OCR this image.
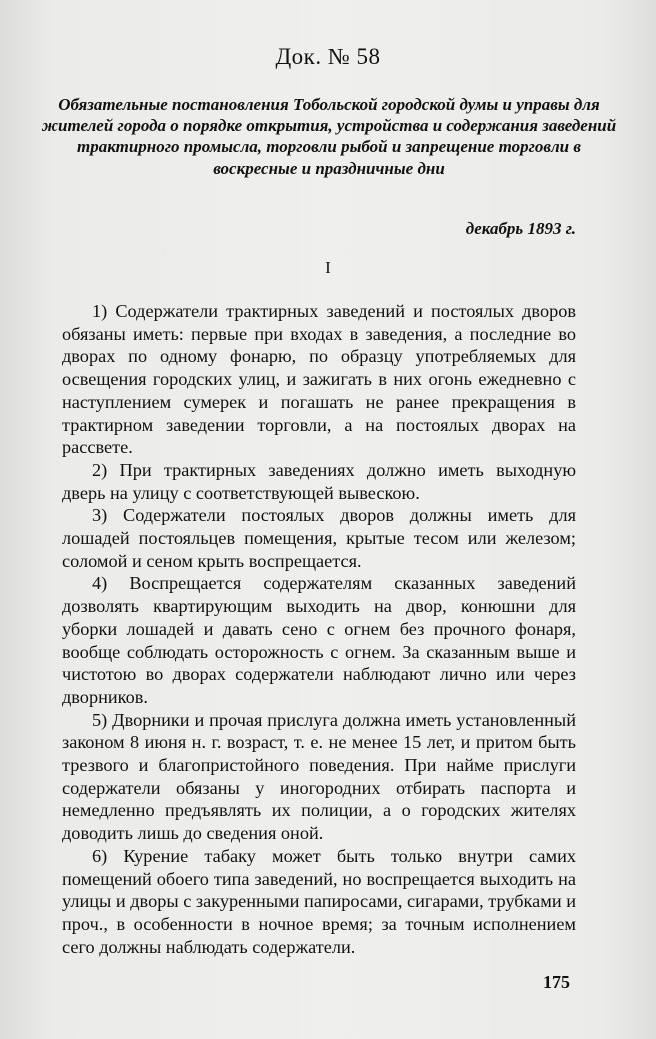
Док. № 58
Обязательные постановления Тобольской городской думы и управы для жителей города о порядке открытия, устройства и содержания заведений трактирного промысла, торговли рыбой и запрещение торговли в воскресные и праздничные дни
декабрь 1893 г.
I

1) Содержатели трактирных заведений и постоялых дворов обязаны иметь: первые при входах в заведения, а последние во дворах по одному фонарю, по образцу употребляемых для освещения городских улиц, и зажигать в них огонь ежедневно с наступлением сумерек и погашать не ранее прекращения в трактирном заведении торговли, а на постоялых дворах на рассвете.

2) При трактирных заведениях должно иметь выходную дверь на улицу с соответствующей вывескою.

3) Содержатели постоялых дворов должны иметь для лошадей постояльцев помещения, крытые тесом или железом; соломой и сеном крыть воспрещается.

4) Воспрещается содержателям сказанных заведений дозволять квартирующим выходить на двор, конюшни для уборки лошадей и давать сено с огнем без прочного фонаря, вообще соблюдать осторожность с огнем. За сказанным выше и чистотою во дворах содержатели наблюдают лично или через дворников.

5) Дворники и прочая прислуга должна иметь установленный законом 8 июня н. г. возраст, т. е. не менее 15 лет, и притом быть трезвого и благопристойного поведения. При найме прислуги содержатели обязаны у иногородних отбирать паспорта и немедленно предъявлять их полиции, а о городских жителях доводить лишь до сведения оной.

6) Курение табаку может быть только внутри самих помещений обоего типа заведений, но воспрещается выходить на улицы и дворы с закуренными папиросами, сигарами, трубками и проч., в особенности в ночное время; за точным исполнением сего должны наблюдать содержатели.

175
